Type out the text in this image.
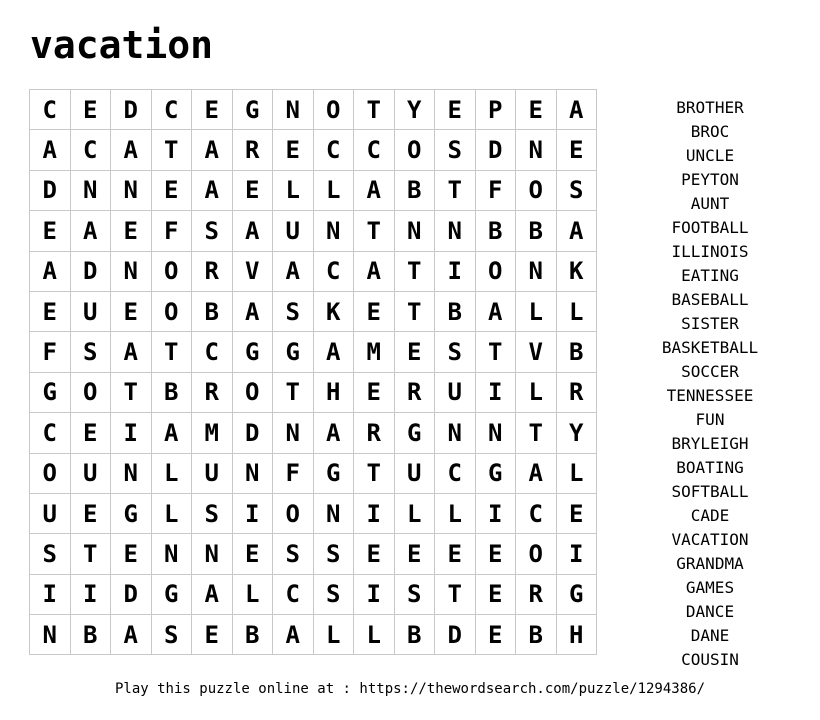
vacation
C	E	D	C	E	G	N	O	T	Y	E	P	E	A
A	C	A	T	A	R	E	C	C	O	S	D	N	E
D	N	N	E	A	E	L	L	A	B	T	F	O	S
E	A	E	F	S	A	U	N	T	N	N	B	B	A
A	D	N	O	R	V	A	C	A	T	I	O	N	K
E	U	E	O	B	A	S	K	E	T	B	A	L	L
F	S	A	T	C	G	G	A	M	E	S	T	V	B
G	O	T	B	R	O	T	H	E	R	U	I	L	R
C	E	I	A	M	D	N	A	R	G	N	N	T	Y
O	U	N	L	U	N	F	G	T	U	C	G	A	L
U	E	G	L	S	I	O	N	I	L	L	I	C	E
S	T	E	N	N	E	S	S	E	E	E	E	O	I
I	I	D	G	A	L	C	S	I	S	T	E	R	G
N	B	A	S	E	B	A	L	L	B	D	E	B	H
BROTHER
BROC
UNCLE
PEYTON
AUNT
FOOTBALL
ILLINOIS
EATING
BASEBALL
SISTER
BASKETBALL
SOCCER
TENNESSEE
FUN
BRYLEIGH
BOATING
SOFTBALL
CADE
VACATION
GRANDMA
GAMES
DANCE
DANE
COUSIN
Play this puzzle online at : https://thewordsearch.com/puzzle/1294386/
